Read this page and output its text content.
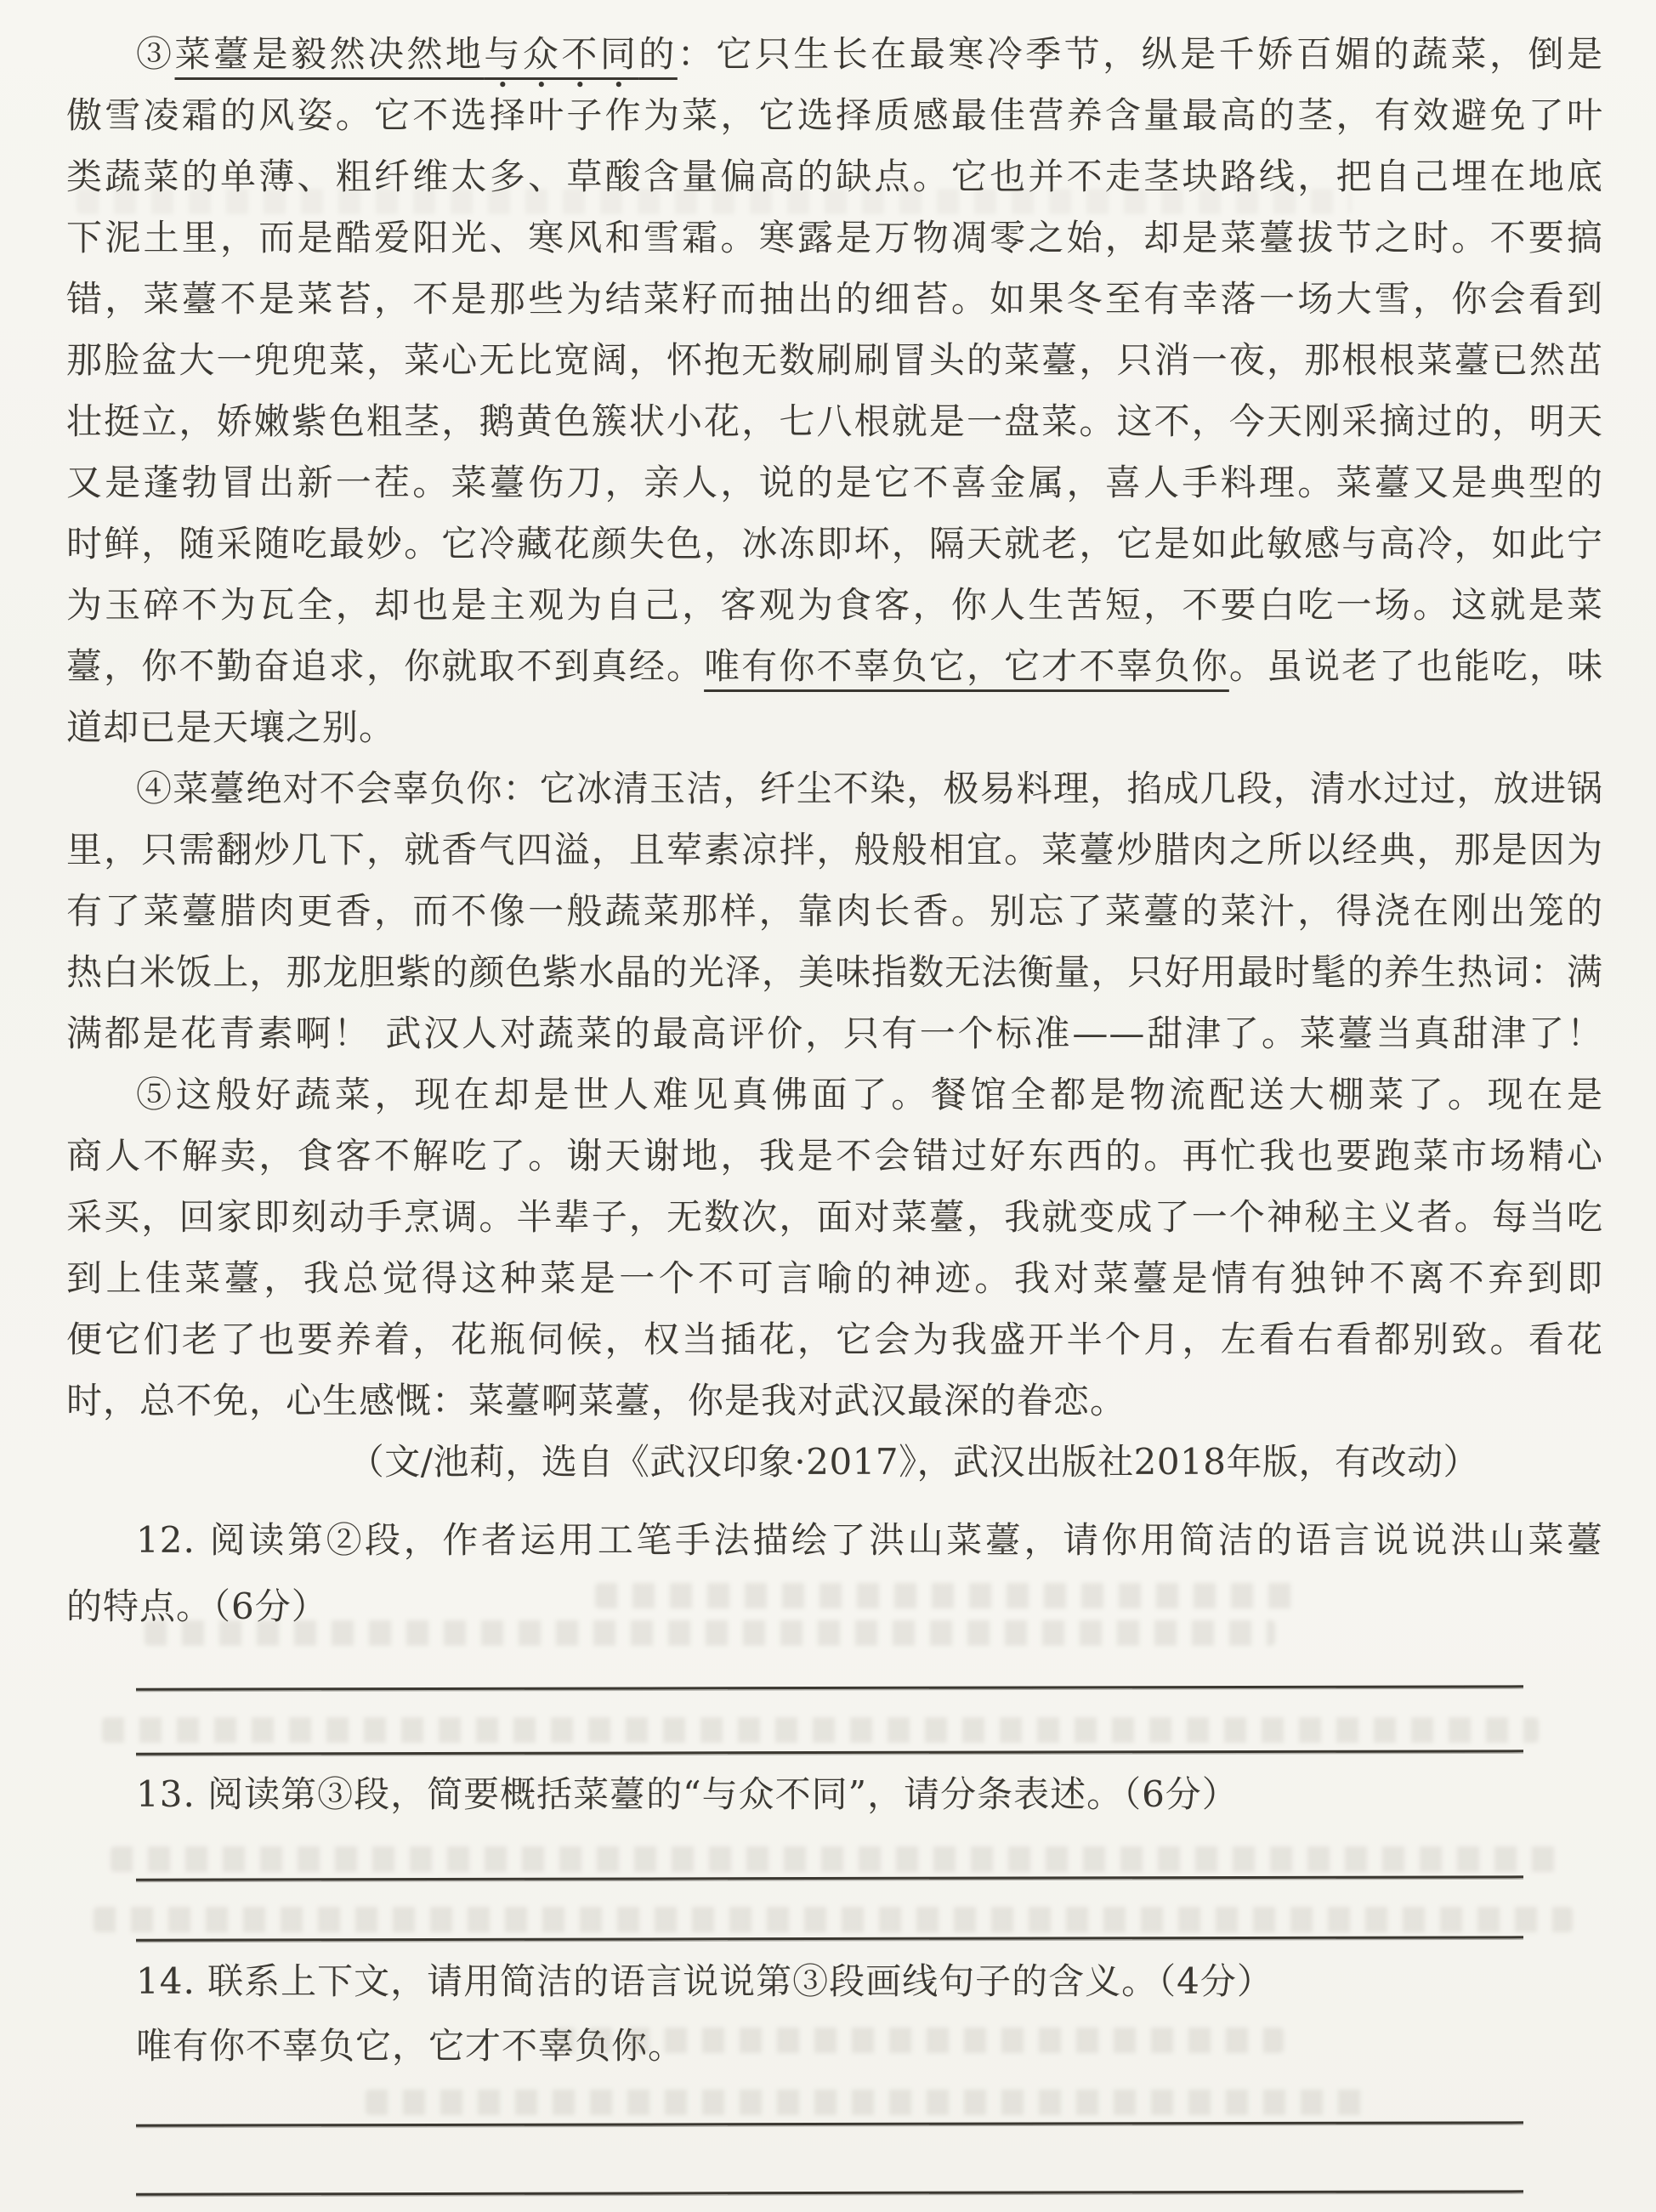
③菜薹是毅然决然地与众不同的：它只生长在最寒冷季节，纵是千娇百媚的蔬菜，倒是
傲雪凌霜的风姿。它不选择叶子作为菜，它选择质感最佳营养含量最高的茎，有效避免了叶
类蔬菜的单薄、粗纤维太多、草酸含量偏高的缺点。它也并不走茎块路线，把自己埋在地底
下泥土里，而是酷爱阳光、寒风和雪霜。寒露是万物凋零之始，却是菜薹拔节之时。不要搞
错，菜薹不是菜苔，不是那些为结菜籽而抽出的细苔。如果冬至有幸落一场大雪，你会看到
那脸盆大一兜兜菜，菜心无比宽阔，怀抱无数刷刷冒头的菜薹，只消一夜，那根根菜薹已然茁
壮挺立，娇嫩紫色粗茎，鹅黄色簇状小花，七八根就是一盘菜。这不，今天刚采摘过的，明天
又是蓬勃冒出新一茬。菜薹伤刀，亲人，说的是它不喜金属，喜人手料理。菜薹又是典型的
时鲜，随采随吃最妙。它冷藏花颜失色，冰冻即坏，隔天就老，它是如此敏感与高冷，如此宁
为玉碎不为瓦全，却也是主观为自己，客观为食客，你人生苦短，不要白吃一场。这就是菜
薹，你不勤奋追求，你就取不到真经。唯有你不辜负它，它才不辜负你。虽说老了也能吃，味
道却已是天壤之别。
④菜薹绝对不会辜负你：它冰清玉洁，纤尘不染，极易料理，掐成几段，清水过过，放进锅
里，只需翻炒几下，就香气四溢，且荤素凉拌，般般相宜。菜薹炒腊肉之所以经典，那是因为
有了菜薹腊肉更香，而不像一般蔬菜那样，靠肉长香。别忘了菜薹的菜汁，得浇在刚出笼的
热白米饭上，那龙胆紫的颜色紫水晶的光泽，美味指数无法衡量，只好用最时髦的养生热词：满
满都是花青素啊！ 武汉人对蔬菜的最高评价，只有一个标准——甜津了。菜薹当真甜津了！
⑤这般好蔬菜，现在却是世人难见真佛面了。餐馆全都是物流配送大棚菜了。现在是
商人不解卖，食客不解吃了。谢天谢地，我是不会错过好东西的。再忙我也要跑菜市场精心
采买，回家即刻动手烹调。半辈子，无数次，面对菜薹，我就变成了一个神秘主义者。每当吃
到上佳菜薹，我总觉得这种菜是一个不可言喻的神迹。我对菜薹是情有独钟不离不弃到即
便它们老了也要养着，花瓶伺候，权当插花，它会为我盛开半个月，左看右看都别致。看花
时，总不免，心生感慨：菜薹啊菜薹，你是我对武汉最深的眷恋。
（文/池莉，选自《武汉印象·2017》，武汉出版社2018年版，有改动）
12. 阅读第②段，作者运用工笔手法描绘了洪山菜薹，请你用简洁的语言说说洪山菜薹
的特点。（6分）
13. 阅读第③段，简要概括菜薹的“与众不同”，请分条表述。（6分）
14. 联系上下文，请用简洁的语言说说第③段画线句子的含义。（4分）
唯有你不辜负它，它才不辜负你。
